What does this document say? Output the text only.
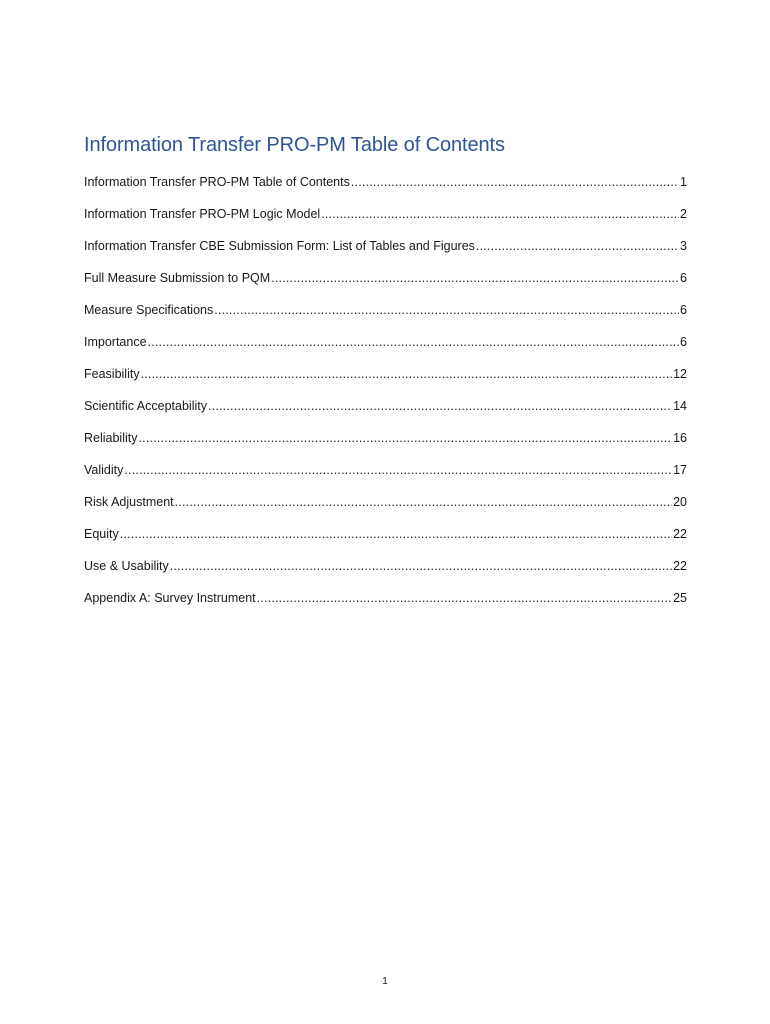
Information Transfer PRO-PM Table of Contents
Information Transfer PRO-PM Table of Contents .....	1
Information Transfer PRO-PM Logic Model .....	2
Information Transfer CBE Submission Form: List of Tables and Figures .....	3
Full Measure Submission to PQM .....	6
Measure Specifications .....	6
Importance .....	6
Feasibility .....	12
Scientific Acceptability .....	14
Reliability .....	16
Validity .....	17
Risk Adjustment .....	20
Equity .....	22
Use & Usability .....	22
Appendix A: Survey Instrument .....	25
1
